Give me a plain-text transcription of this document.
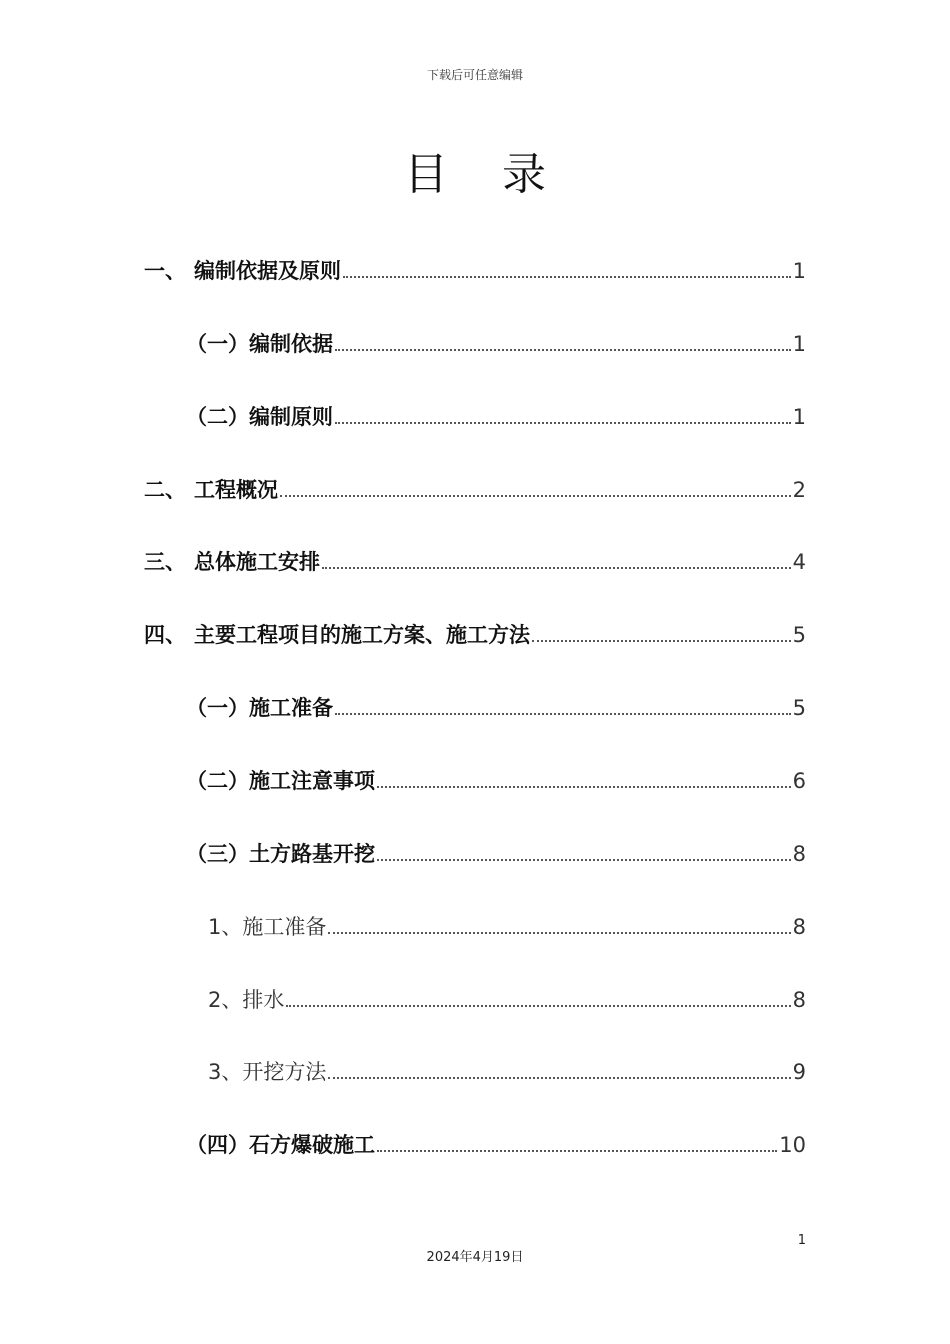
下载后可任意编辑
目 录
一、 编制依据及原则	1
（一）编制依据	1
（二）编制原则	1
二、 工程概况	2
三、 总体施工安排	4
四、 主要工程项目的施工方案、施工方法	5
（一）施工准备	5
（二）施工注意事项	6
（三）土方路基开挖	8
1、施工准备	8
2、排水	8
3、开挖方法	9
（四）石方爆破施工	10
1
2024年4月19日
